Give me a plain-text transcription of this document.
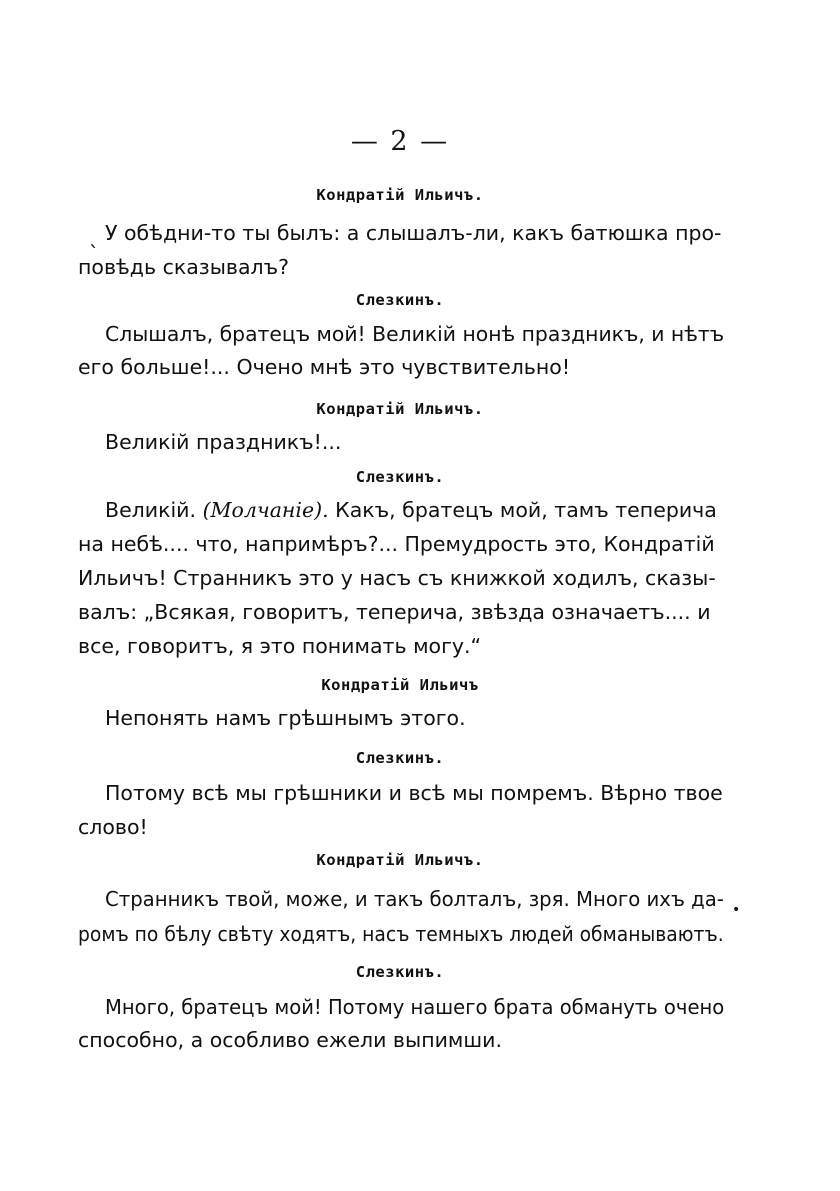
— 2 —
Кондратій Ильичъ.
ˎ У обѣдни-то ты былъ: а слышалъ-ли, какъ батюшка про-
повѣдь сказывалъ?
Слезкинъ.
Слышалъ, братецъ мой! Великій нонѣ праздникъ, и нѣтъ
его больше!... Очено мнѣ это чувствительно!
Кондратій Ильичъ.
Великій праздникъ!...
Слезкинъ.
Великій. (Молчаніе). Какъ, братецъ мой, тамъ теперича
на небѣ.... что, напримѣръ?... Премудрость это, Кондратій
Ильичъ! Странникъ это у насъ съ книжкой ходилъ, сказы-
валъ: „Всякая, говоритъ, теперича, звѣзда означаетъ.... и
все, говоритъ, я это понимать могу.“
Кондратій Ильичъ
Непонять намъ грѣшнымъ этого.
Слезкинъ.
Потому всѣ мы грѣшники и всѣ мы помремъ. Вѣрно твое
слово!
Кондратій Ильичъ.
Странникъ твой, може, и такъ болталъ, зря. Много ихъ да- •
ромъ по бѣлу свѣту ходятъ, насъ темныхъ людей обманываютъ.
Слезкинъ.
Много, братецъ мой! Потому нашего брата обмануть очено
способно, а особливо ежели выпимши.
